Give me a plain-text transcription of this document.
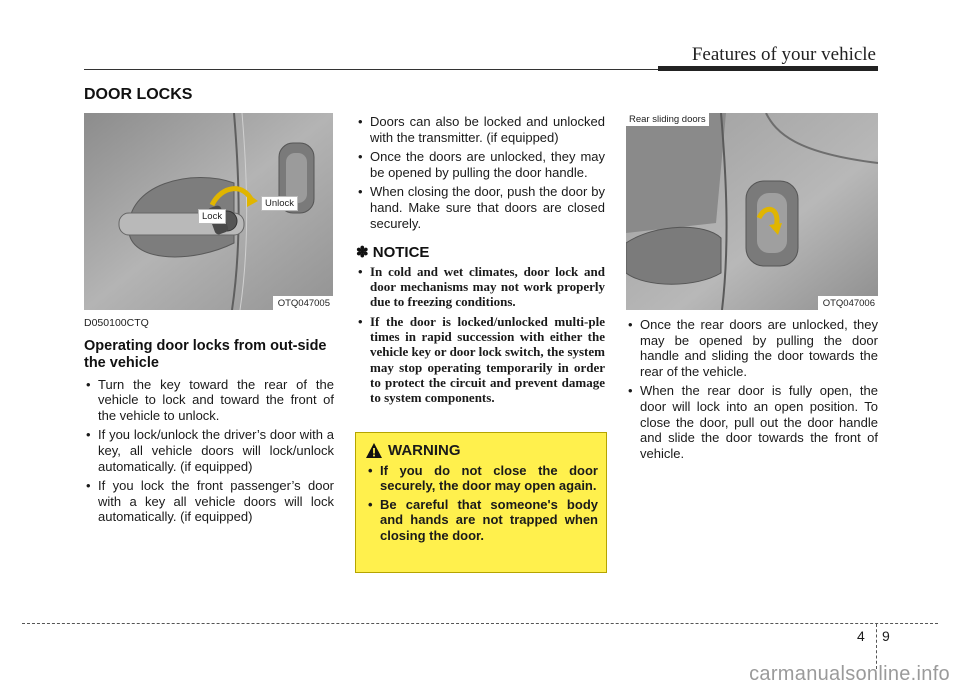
Features of your vehicle
DOOR LOCKS
Lock
Unlock
OTQ047005
Rear sliding doors
OTQ047006

D050100CTQ

Operating door locks from out-side the vehicle

• Turn the key toward the rear of the vehicle to lock and toward the front of the vehicle to unlock.
• If you lock/unlock the driver’s door with a key, all vehicle doors will lock/unlock automatically. (if equipped)
• If you lock the front passenger’s door with a key all vehicle doors will lock automatically. (if equipped)
• Doors can also be locked and unlocked with the transmitter. (if equipped)
• Once the doors are unlocked, they may be opened by pulling the door handle.
• When closing the door, push the door by hand. Make sure that doors are closed securely.
✽ NOTICE
• In cold and wet climates, door lock and door mechanisms may not work properly due to freezing conditions.
• If the door is locked/unlocked multi-ple times in rapid succession with either the vehicle key or door lock switch, the system may stop operating temporarily in order to protect the circuit and prevent damage to system components.
WARNING
• If you do not close the door securely, the door may open again.
• Be careful that someone's body and hands are not trapped when closing the door.
• Once the rear doors are unlocked, they may be opened by pulling the door handle and sliding the door towards the rear of the vehicle.
• When the rear door is fully open, the door will lock into an open position. To close the door, pull out the door handle and slide the door towards the front of vehicle.
4 9
carmanualsonline.info
